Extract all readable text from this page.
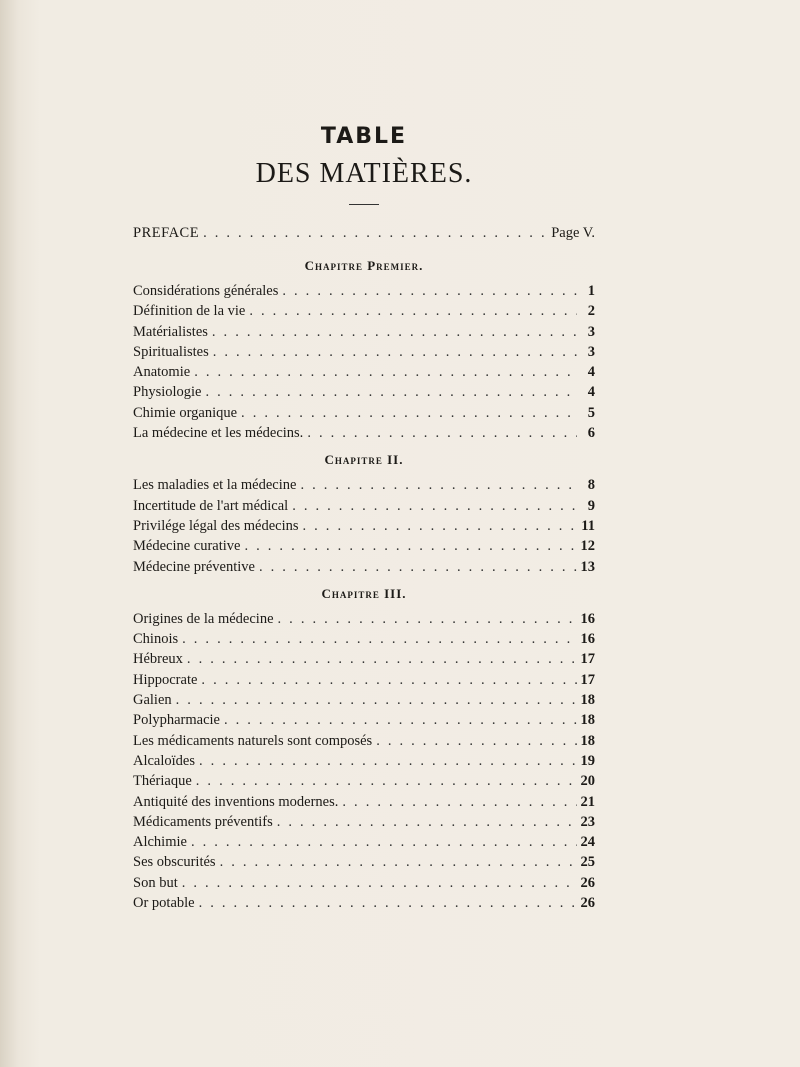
TABLE
DES MATIÈRES.
PREFACE . . .	Page V.
Chapitre Premier.
Considérations générales . . .	1
Définition de la vie . . .	2
Matérialistes . . .	3
Spiritualistes . . .	3
Anatomie . . .	4
Physiologie . . .	4
Chimie organique . . .	5
La médecine et les médecins. . . .	6
Chapitre II.
Les maladies et la médecine . . .	8
Incertitude de l'art médical . . .	9
Privilége légal des médecins . . .	11
Médecine curative . . .	12
Médecine préventive . . .	13
Chapitre III.
Origines de la médecine . . .	16
Chinois . . .	16
Hébreux . . .	17
Hippocrate . . .	17
Galien . . .	18
Polypharmacie . . .	18
Les médicaments naturels sont composés . . .	18
Alcaloïdes . . .	19
Thériaque . . .	20
Antiquité des inventions modernes. . . .	21
Médicaments préventifs . . .	23
Alchimie . . .	24
Ses obscurités . . .	25
Son but . . .	26
Or potable . . .	26
